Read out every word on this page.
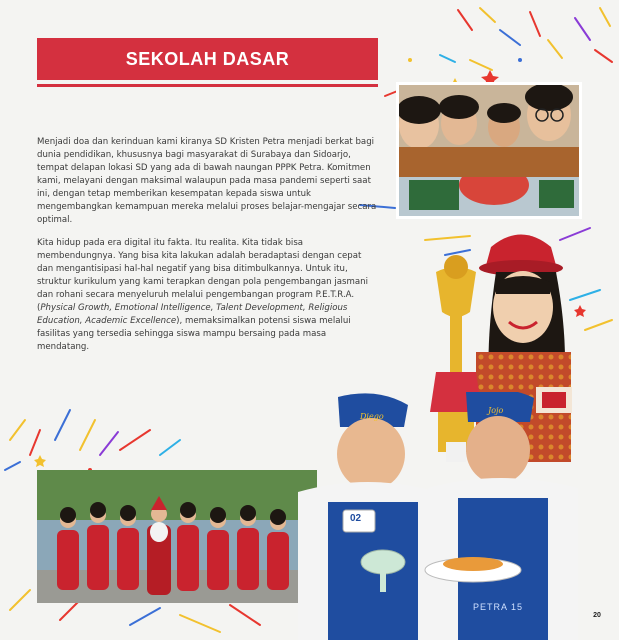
SEKOLAH DASAR

Menjadi doa dan kerinduan kami kiranya SD Kristen Petra menjadi berkat bagi dunia pendidikan, khususnya bagi masyarakat di Surabaya dan Sidoarjo, tempat delapan lokasi SD yang ada di bawah naungan PPPK Petra. Komitmen kami, melayani dengan maksimal walaupun pada masa pandemi seperti saat ini, dengan tetap memberikan kesempatan kepada siswa untuk mengembangkan kemampuan mereka melalui proses belajar-mengajar secara optimal.

Kita hidup pada era digital itu fakta. Itu realita. Kita tidak bisa membendungnya. Yang bisa kita lakukan adalah beradaptasi dengan cepat dan mengantisipasi hal-hal negatif yang bisa ditimbulkannya. Untuk itu, struktur kurikulum yang kami terapkan dengan pola pengembangan jasmani dan rohani secara menyeluruh melalui pengembangan program P.E.T.R.A. (Physical Growth, Emotional Intelligence, Talent Development, Religious Education, Academic Excellence), memaksimalkan potensi siswa melalui fasilitas yang tersedia sehingga siswa mampu bersaing pada masa mendatang.

Diego
Jojo
02
PETRA 15
20
